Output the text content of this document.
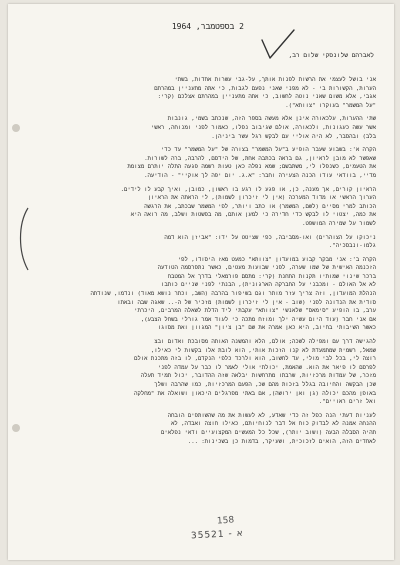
2 בספטמבר, 1964
לאברהם שלונסקי שלום רב,
אני בושל לעצמי את הרשות לפנות אותך, על-גבי עשרות אחדות, בשתי
הערות, הקשורות בי - לא מפני שאני נפעם לגבות, כי אתה מתעניין במהרתם
אגבי, אלא משום שאני נוטה לחשוב, כי אתה מתעניין במהרתם אצלכם (קרי:
"על המשמר" בעוקרו "צוותא").
שתי ההערות, עלכאורה אינן אלא מעשה בספר הזה, שנכתב בשמי, גונבות
אשר עשה כעגונות, ולכאורה, אולם שגיבוב נפלו, כאמור לפני ומנוחה, ראשי
בלב) ובהסבר, לא היה אוליי עם לבקש רגל עשר ביניהן.
הקרה א': בשבוע שעבר הופיע ב"על המשמר" בצורה של "על המשמר" עד כדי
שאפשר לא מובן לראיון, גם בראה בכתבה אחת, של הידסם, להרבה, ברה לשורות.
את הטעמים, כשנפלו לי, משתבשם; שמא נפלה כאן טעות רשמה פגעה התלה יותרם מצומת
מדיי, בוודאי עודו הכנה הצעירה וחבר: "א.ג. יום יפה לך אוקיי" - הודיעה.
הראיון קורים, אך מענה, כן, או פגע לו רגע בו ראשון, כמובן, ואיך קבע לו לידים.
הערוך הראשי או מדוד המערכה (אין לי זיכרון לשמות), לי הראתה את הראיון
הכותב למרי מסיים (לשם, המשמר) או כתב ויותר, לפי המשמר שבכתב, את הרגשה
את כמה, יצטוי לו לבקש כדי חדירה כי למען אותם, מה בפשטות ושלב, מה רואה היא
לשמור על שמירה המושפט.
ניכוקו על הצוהרים) ואו-מסביבה, כפי שציטט על ידו: "אביזן הוא דמה
גלמו-ונבסכיה".
הקרה ב': אני מבקר קבוע במועדון "צוותא" כמעט מאז היסודו, לפי
הזכנמה האישית של שמו שערה, לפני שבועות מעטים, כאשר נתפרסמה הטודעה
ברכר שינוי שמותיו תקנות התחנת (קרי: מתסם פורמאלי בדרך אל המטבח
לא אל האולם - ומכבני על החברקה הארגונית), הבנתי לפני שניים כותבו
הנהלת המועדון, וזה צריך עזר מותר וגם בשיפור בהרבה (השב, וכתר נושא מאוד) ונדמו, שנודתה
סודית את הנדונה לפני (שוב - אין לי זיכרון לשמות) מזכיר של ה-.. שאגה שבה ובאתו
ערב, בו הופיע "סימאס" שלאנשי "צוותא" עקבתי ליד הדלת לשאלה המרבים, היכרתי
אם אני חבר (עוד היום עשיה ילך ומוזח מתכה כי לעוד אמר גורלי בשחל הצבע),
כאשר השיבותי בחיוב, היא כאן אמרה את שם "בן ציון" המגוון ואת מסוגו
להגישה דרך עם ומפילה לשכה; אולם, הלא והמשנה האותה מסובכת ואדום ובצ
שמאל, רשמית שמתמעדת לא קנו הזכות אותי, הוא לובת אלו בקשות לי כאילו,
רוצה לי, בכל לבי מולי, עד לחשוב, הוא ולרכד כלפי הנקדם, לו בזה מתכנת אולם
לפרסם לו פיאר את הוא. שהאמת, יכולתי אולי לאמר לו כבר על עמדה לפני
מזכר, של עמדות מרכזיות, שרבתו מתרחשות יבלאה שזה ההדובר, יכול תמיד תעלה
שכן הבקשה והחיובה בגלל בזכות מהם שכ, הפעם המרכזיות, כמו שהרבה ושלך
באופן מהכם יכולה (גן ואן ירושה), אם באתי מפרגלים היכאון ושואלה את "מחלקה
ואל זרים ראויים".
לעניות דעתי הנה כפל זה כדי שאדע, לא לעשות את מה שהשותפים הובחה
ההנחה אמנה לא לבדוק כוח אל דבר לנוחיותם, כאילו חוצה ואבדה, לא
תהיה הסבלה הבעה (ושוב יותר), שכל כל המעשים המקצועיים ודאי נפלאים
לאחדים הזה, הואים לזכוכית, ושעיקר, בדמות כן בשכינות: ...
158
35521 - א
